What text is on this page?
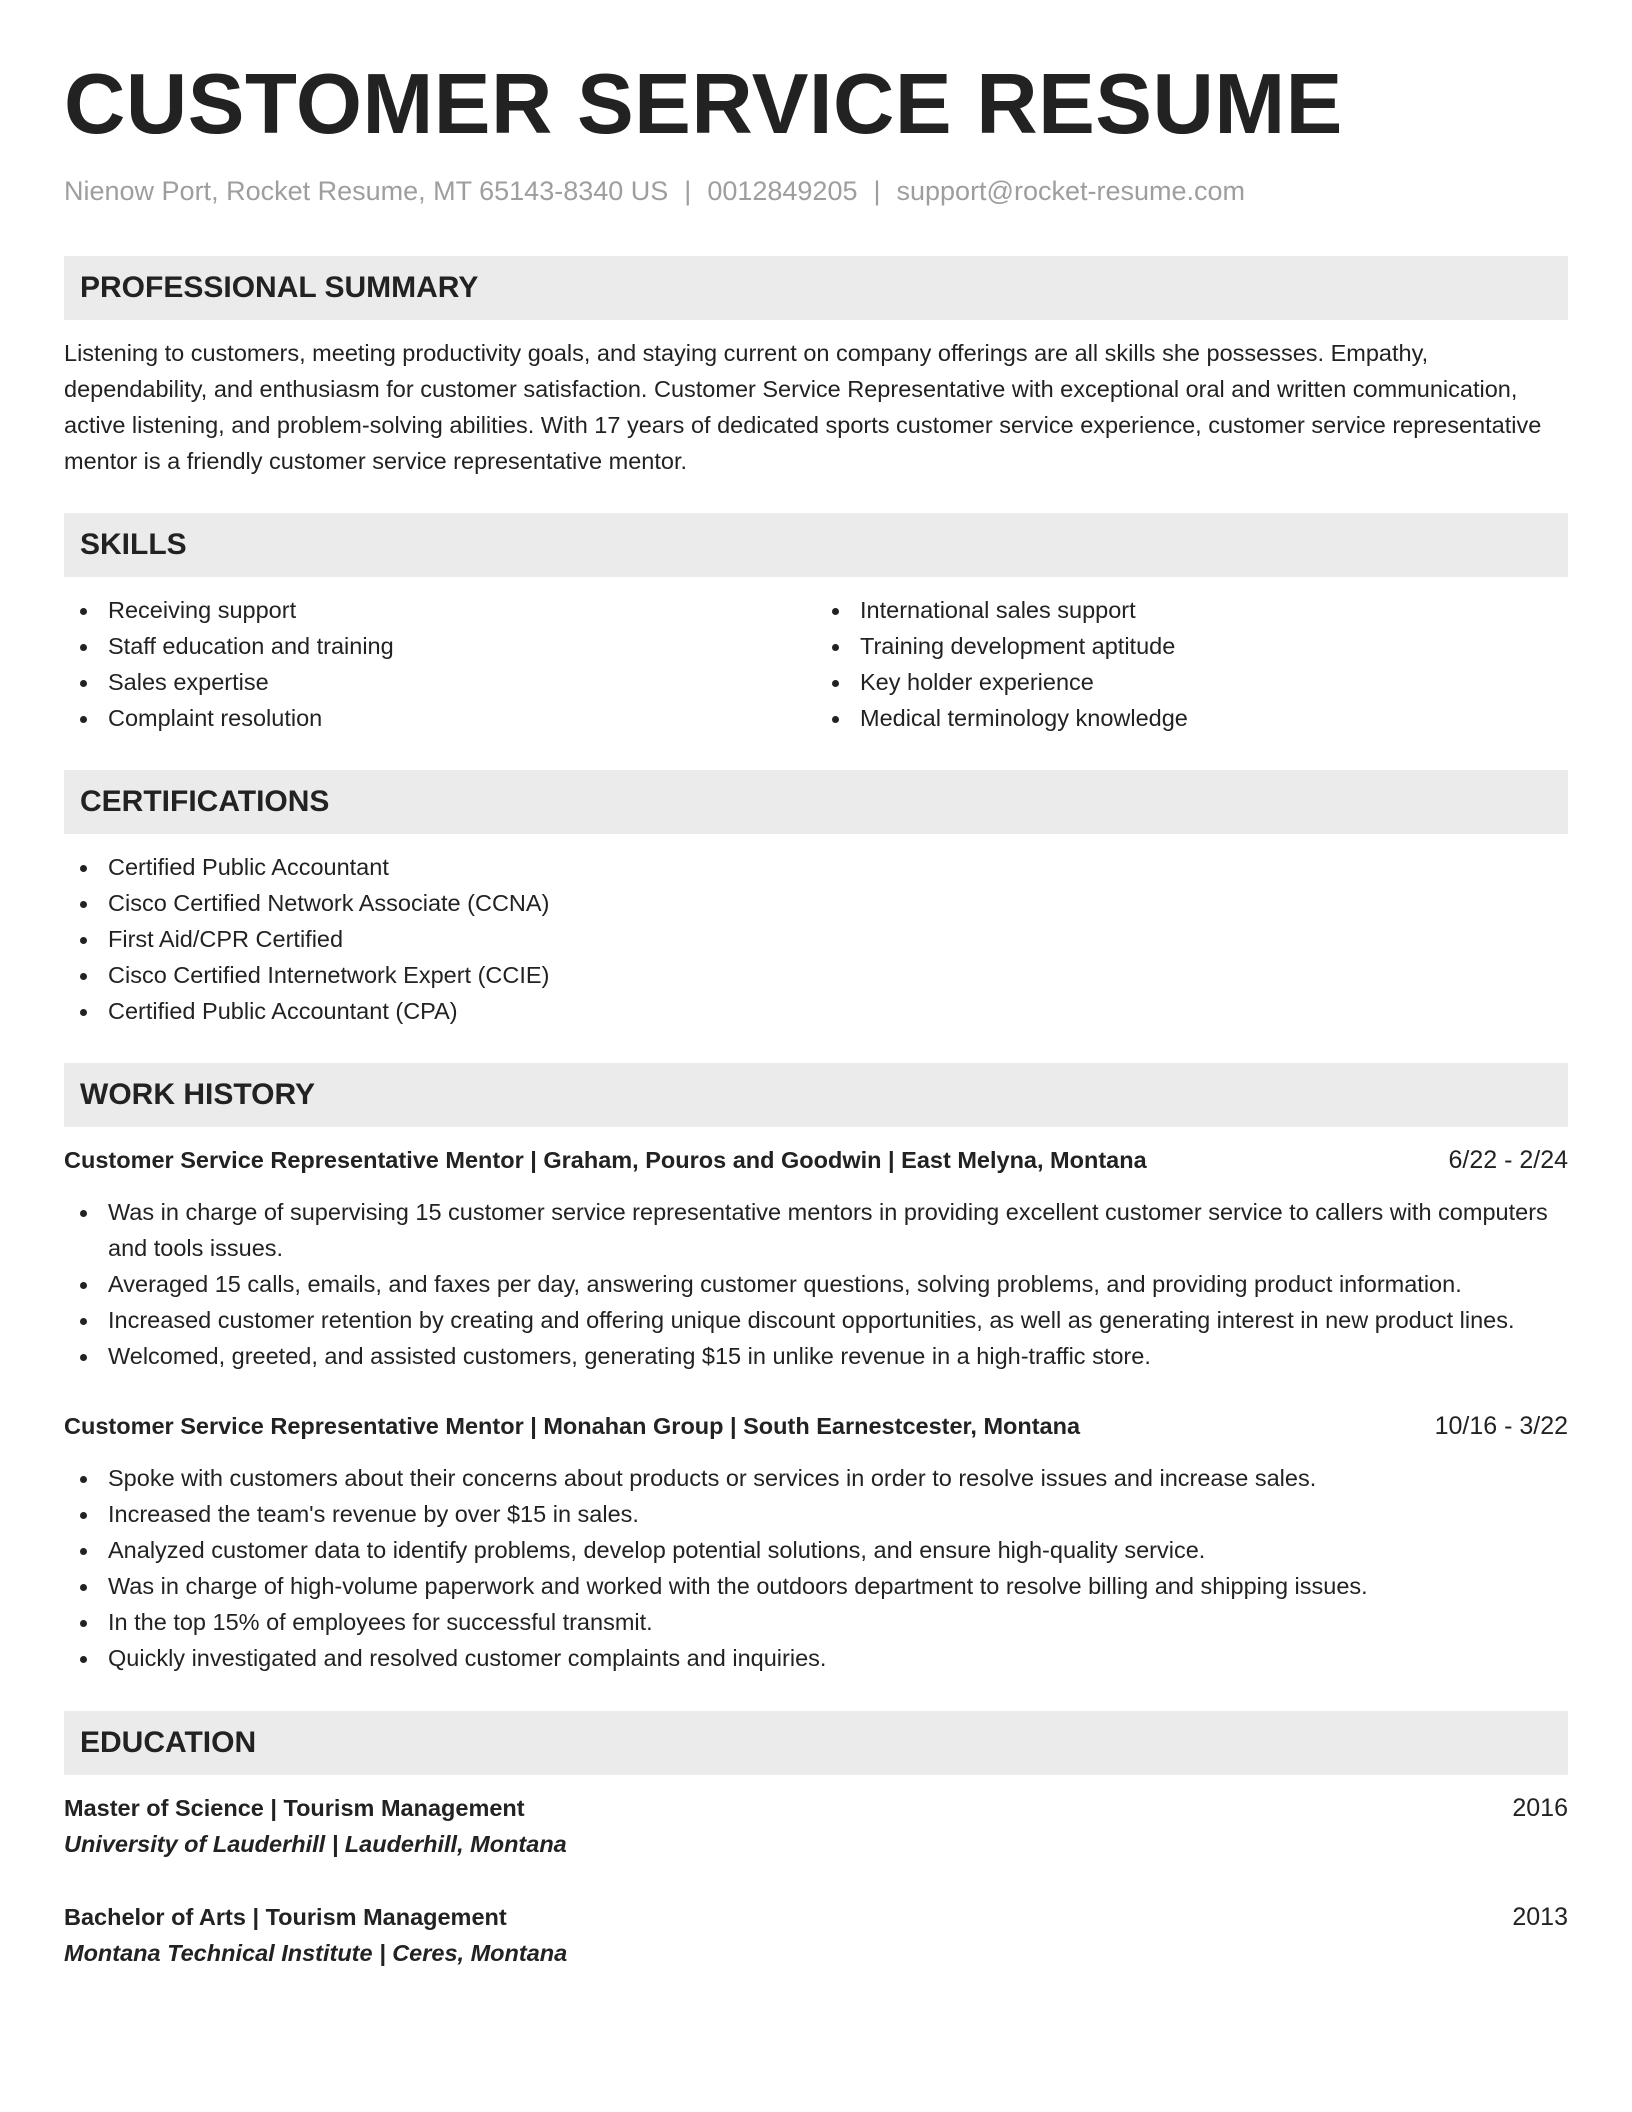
CUSTOMER SERVICE RESUME
Nienow Port, Rocket Resume, MT 65143-8340 US | 0012849205 | support@rocket-resume.com
PROFESSIONAL SUMMARY
Listening to customers, meeting productivity goals, and staying current on company offerings are all skills she possesses. Empathy, dependability, and enthusiasm for customer satisfaction. Customer Service Representative with exceptional oral and written communication, active listening, and problem-solving abilities. With 17 years of dedicated sports customer service experience, customer service representative mentor is a friendly customer service representative mentor.
SKILLS
Receiving support
Staff education and training
Sales expertise
Complaint resolution
International sales support
Training development aptitude
Key holder experience
Medical terminology knowledge
CERTIFICATIONS
Certified Public Accountant
Cisco Certified Network Associate (CCNA)
First Aid/CPR Certified
Cisco Certified Internetwork Expert (CCIE)
Certified Public Accountant (CPA)
WORK HISTORY
Customer Service Representative Mentor | Graham, Pouros and Goodwin | East Melyna, Montana	6/22 - 2/24
Was in charge of supervising 15 customer service representative mentors in providing excellent customer service to callers with computers and tools issues.
Averaged 15 calls, emails, and faxes per day, answering customer questions, solving problems, and providing product information.
Increased customer retention by creating and offering unique discount opportunities, as well as generating interest in new product lines.
Welcomed, greeted, and assisted customers, generating $15 in unlike revenue in a high-traffic store.
Customer Service Representative Mentor | Monahan Group | South Earnestcester, Montana	10/16 - 3/22
Spoke with customers about their concerns about products or services in order to resolve issues and increase sales.
Increased the team's revenue by over $15 in sales.
Analyzed customer data to identify problems, develop potential solutions, and ensure high-quality service.
Was in charge of high-volume paperwork and worked with the outdoors department to resolve billing and shipping issues.
In the top 15% of employees for successful transmit.
Quickly investigated and resolved customer complaints and inquiries.
EDUCATION
Master of Science | Tourism Management	2016
University of Lauderhill | Lauderhill, Montana
Bachelor of Arts | Tourism Management	2013
Montana Technical Institute | Ceres, Montana
